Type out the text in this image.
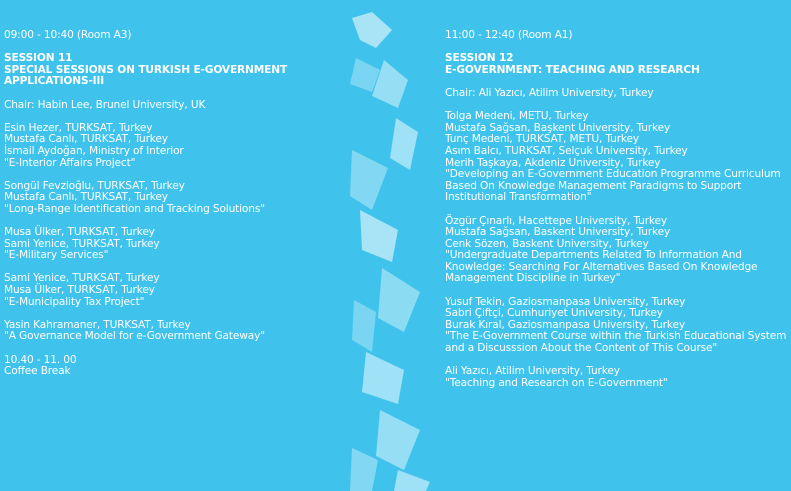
09:00 - 10:40 (Room A3)
SESSION 11
SPECIAL SESSIONS ON TURKISH E-GOVERNMENT APPLICATIONS-III
Chair: Habin Lee, Brunel University, UK
Esin Hezer, TURKSAT, Turkey
Mustafa Canlı, TURKSAT, Turkey
İsmail Aydoğan, Ministry of Interior
"E-Interior Affairs Project"
Songül Fevzioğlu, TURKSAT, Turkey
Mustafa Canlı, TURKSAT, Turkey
"Long-Range Identification and Tracking Solutions"
Musa Ülker, TURKSAT, Turkey
Sami Yenice, TURKSAT, Turkey
"E-Military Services"
Sami Yenice, TURKSAT, Turkey
Musa Ülker, TURKSAT, Turkey
"E-Municipality Tax Project"
Yasin Kahramaner, TURKSAT, Turkey
"A Governance Model for e-Government Gateway"
10.40 - 11. 00
Coffee Break
11:00 - 12:40 (Room A1)
SESSION 12
E-GOVERNMENT: TEACHING AND RESEARCH
Chair: Ali Yazıcı, Atilim University, Turkey
Tolga Medeni, METU, Turkey
Mustafa Sağsan, Başkent University, Turkey
Tunç Medeni, TURKSAT, METU, Turkey
Asım Balcı, TURKSAT, Selçuk University, Turkey
Merih Taşkaya, Akdeniz University, Turkey
"Developing an E-Government Education Programme Curriculum Based On Knowledge Management Paradigms to Support Institutional Transformation"
Özgür Çınarlı, Hacettepe University, Turkey
Mustafa Sağsan, Baskent University, Turkey
Cenk Sözen, Baskent University, Turkey
"Undergraduate Departments Related To Information And Knowledge: Searching For Alternatives Based On Knowledge Management Discipline in Turkey"
Yusuf Tekin, Gaziosmanpasa University, Turkey
Sabri Çiftçi, Cumhuriyet University, Turkey
Burak Kıral, Gaziosmanpasa University, Turkey
"The E-Government Course within the Turkish Educational System and a Discusssion About the Content of This Course"
Ali Yazıcı, Atilim University, Turkey
"Teaching and Research on E-Government"
